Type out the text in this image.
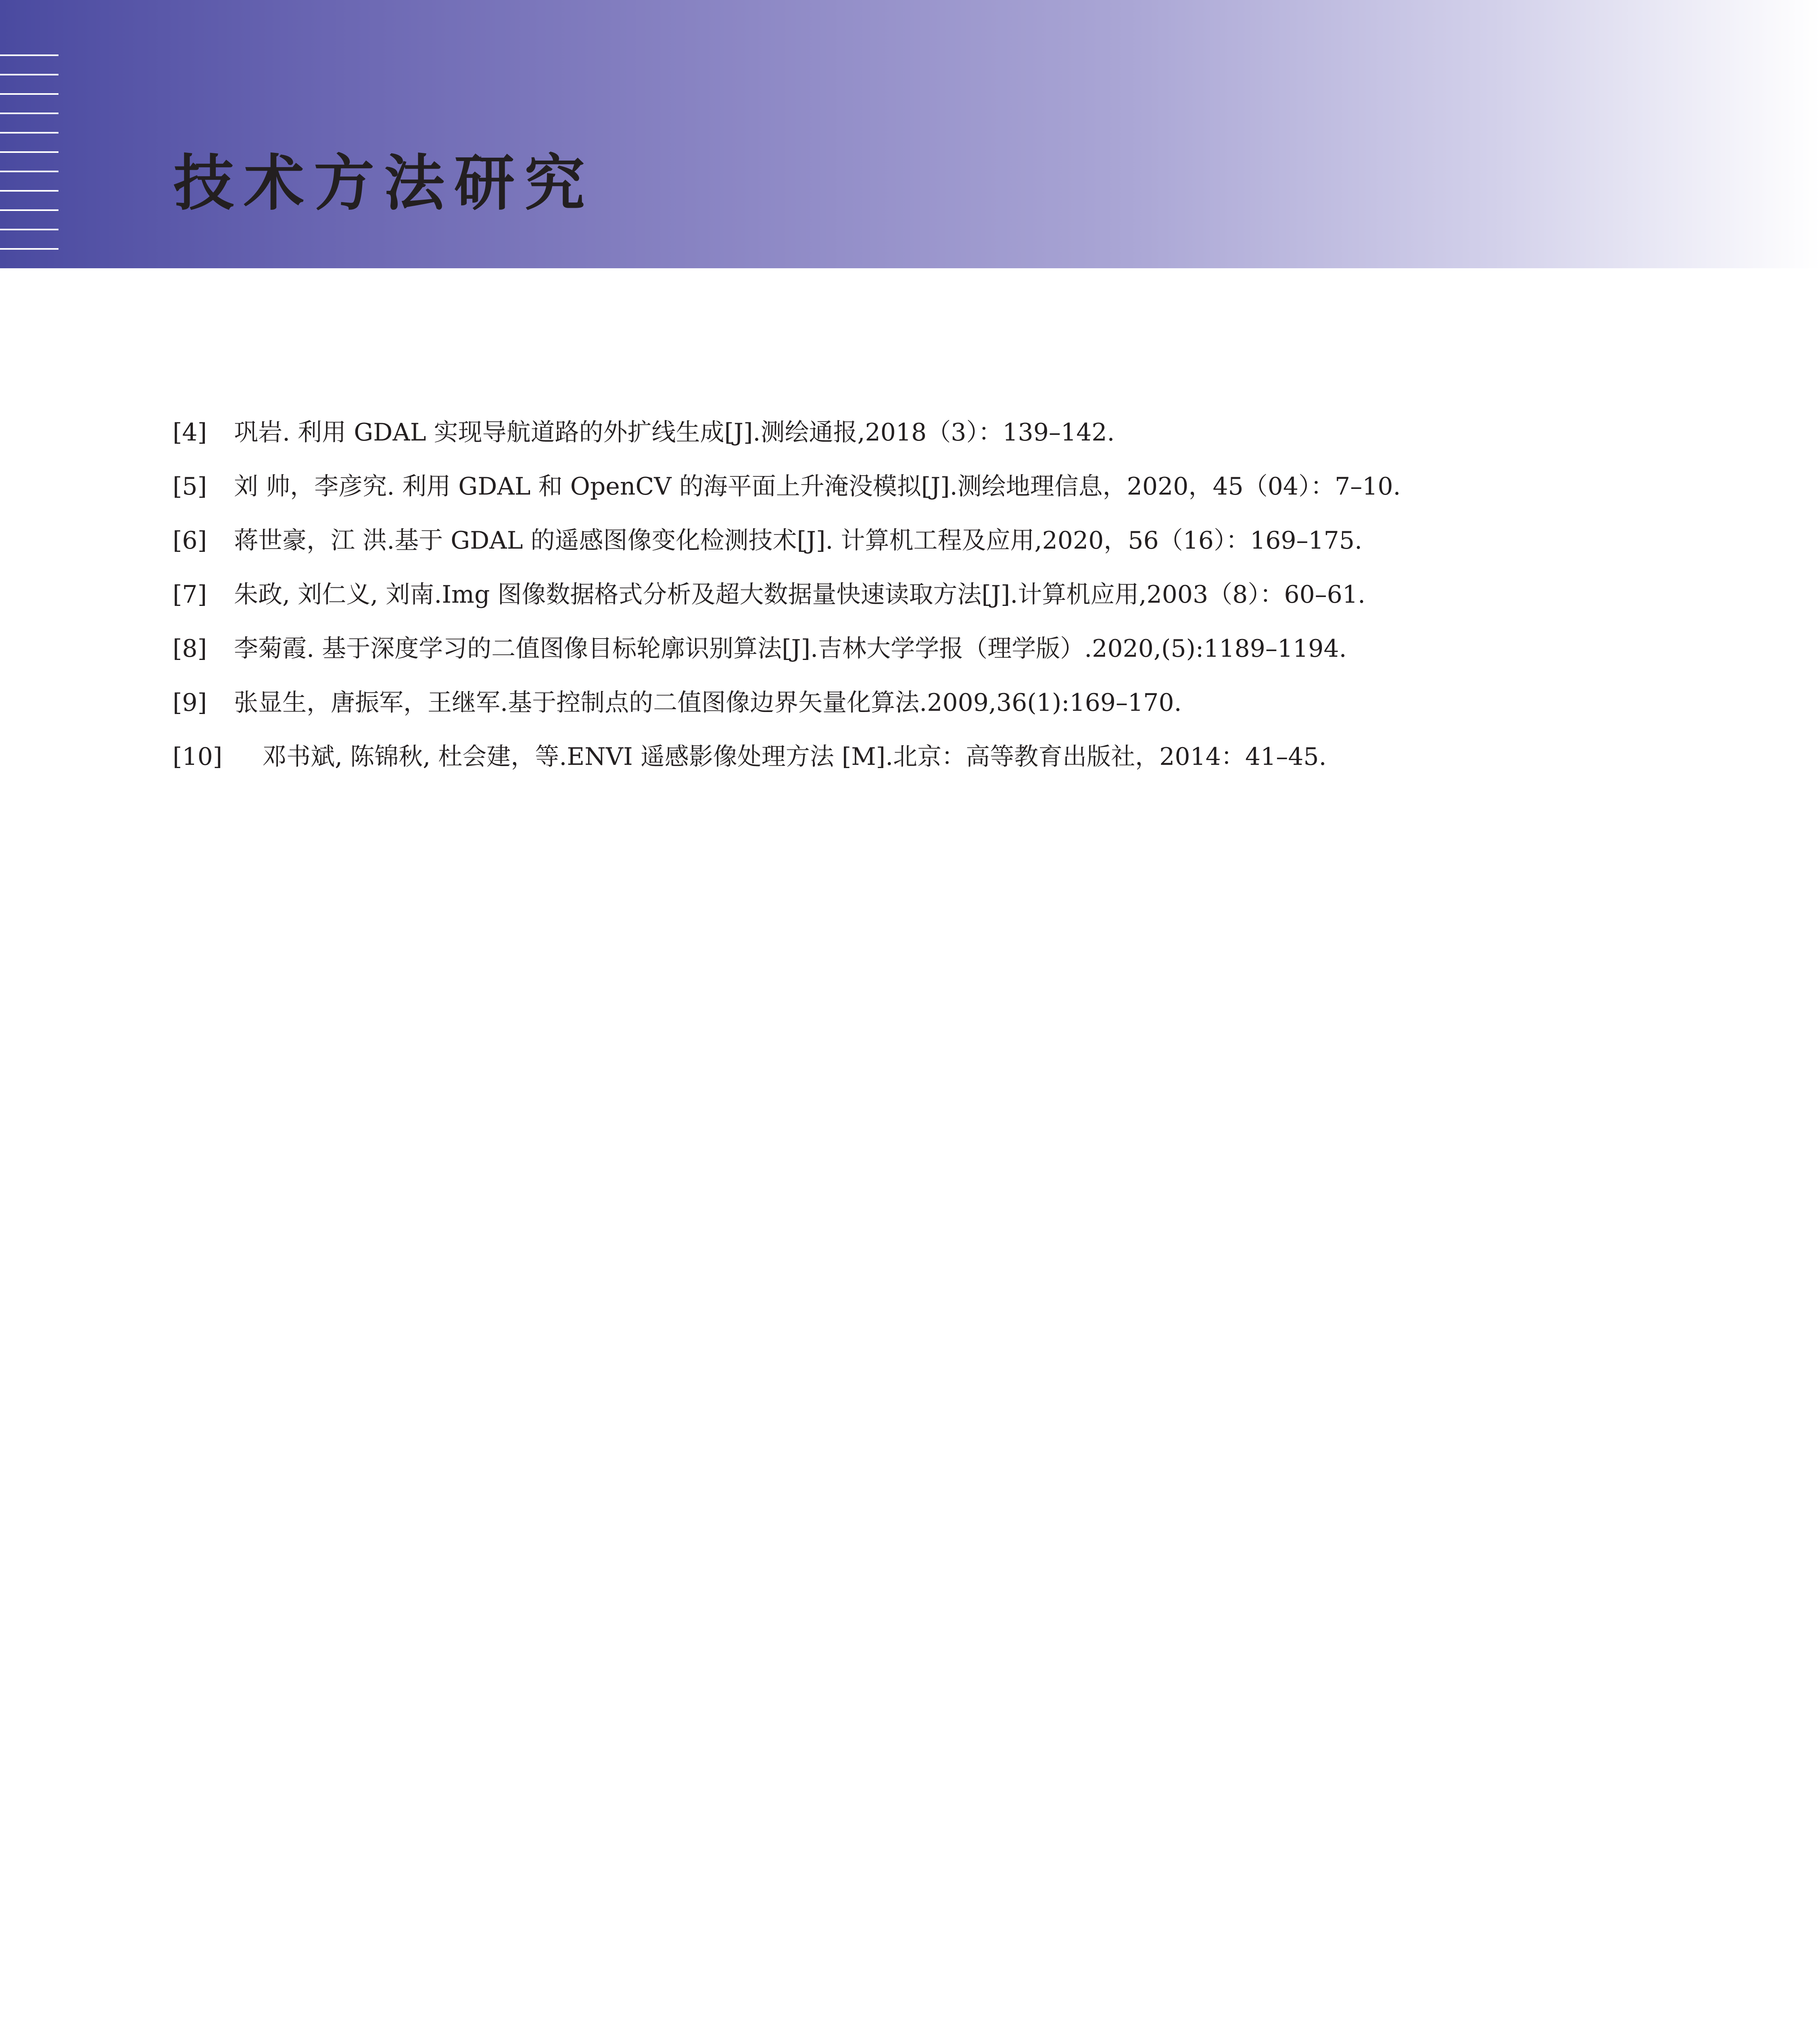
技术方法研究
[4]	巩岩. 利用 GDAL 实现导航道路的外扩线生成[J].测绘通报,2018（3）：139–142.
[5]	刘 帅，李彦究. 利用 GDAL 和 OpenCV 的海平面上升淹没模拟[J].测绘地理信息，2020，45（04）：7–10.
[6]	蒋世豪，江 洪.基于 GDAL 的遥感图像变化检测技术[J]. 计算机工程及应用,2020，56（16）：169–175.
[7]	朱政, 刘仁义, 刘南.Img 图像数据格式分析及超大数据量快速读取方法[J].计算机应用,2003（8）：60–61.
[8]	李菊霞. 基于深度学习的二值图像目标轮廓识别算法[J].吉林大学学报（理学版）.2020,(5):1189–1194.
[9]	张显生，唐振军，王继军.基于控制点的二值图像边界矢量化算法.2009,36(1):169–170.
[10]	邓书斌, 陈锦秋, 杜会建，等.ENVI 遥感影像处理方法 [M].北京：高等教育出版社，2014：41–45.
